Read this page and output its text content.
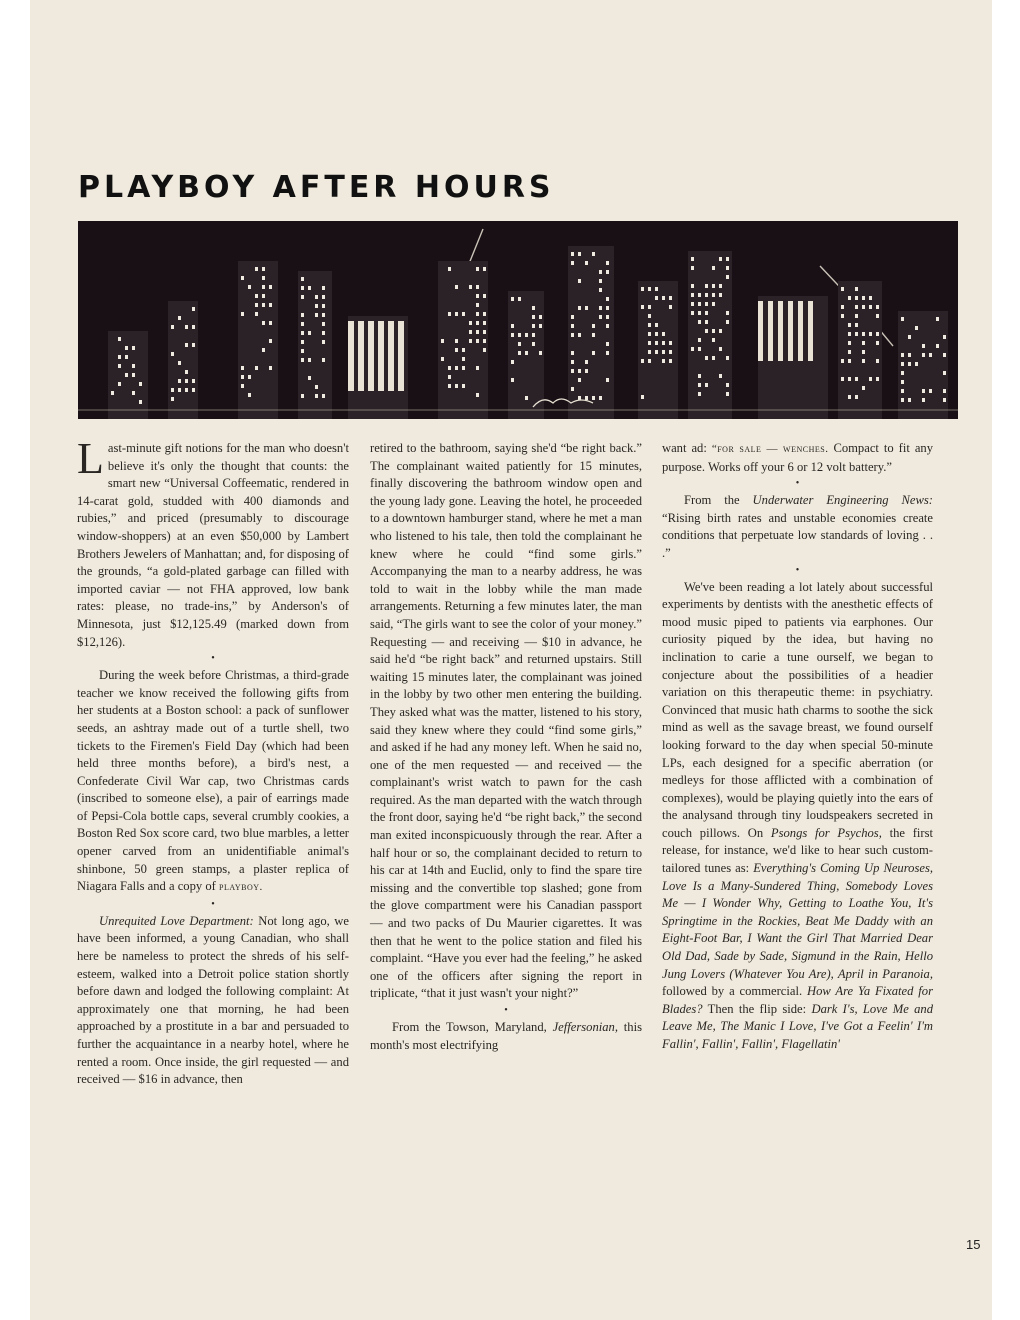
PLAYBOY AFTER HOURS

Last-minute gift notions for the man who doesn't believe it's only the thought that counts: the smart new “Universal Coffeematic, rendered in 14-carat gold, studded with 400 diamonds and rubies,” and priced (presumably to discourage window-shoppers) at an even $50,000 by Lambert Brothers Jewelers of Manhattan; and, for disposing of the grounds, “a gold-plated garbage can filled with imported caviar — not FHA approved, low bank rates: please, no trade-ins,” by Anderson's of Minnesota, just $12,125.49 (marked down from $12,126).

•

During the week before Christmas, a third-grade teacher we know received the following gifts from her students at a Boston school: a pack of sunflower seeds, an ashtray made out of a turtle shell, two tickets to the Firemen's Field Day (which had been held three months before), a bird's nest, a Confederate Civil War cap, two Christmas cards (inscribed to someone else), a pair of earrings made of Pepsi-Cola bottle caps, several crumbly cookies, a Boston Red Sox score card, two blue marbles, a letter opener carved from an unidentifiable animal's shinbone, 50 green stamps, a plaster replica of Niagara Falls and a copy of playboy.

•

Unrequited Love Department: Not long ago, we have been informed, a young Canadian, who shall here be nameless to protect the shreds of his self-esteem, walked into a Detroit police station shortly before dawn and lodged the following complaint: At approximately one that morning, he had been approached by a prostitute in a bar and persuaded to further the acquaintance in a nearby hotel, where he rented a room. Once inside, the girl requested — and received — $16 in advance, then

retired to the bathroom, saying she'd “be right back.” The complainant waited patiently for 15 minutes, finally discovering the bathroom window open and the young lady gone. Leaving the hotel, he proceeded to a downtown hamburger stand, where he met a man who listened to his tale, then told the complainant he knew where he could “find some girls.” Accompanying the man to a nearby address, he was told to wait in the lobby while the man made arrangements. Returning a few minutes later, the man said, “The girls want to see the color of your money.” Requesting — and receiving — $10 in advance, he said he'd “be right back” and returned upstairs. Still waiting 15 minutes later, the complainant was joined in the lobby by two other men entering the building. They asked what was the matter, listened to his story, said they knew where they could “find some girls,” and asked if he had any money left. When he said no, one of the men requested — and received — the complainant's wrist watch to pawn for the cash required. As the man departed with the watch through the front door, saying he'd “be right back,” the second man exited inconspicuously through the rear. After a half hour or so, the complainant decided to return to his car at 14th and Euclid, only to find the spare tire missing and the convertible top slashed; gone from the glove compartment were his Canadian passport — and two packs of Du Maurier cigarettes. It was then that he went to the police station and filed his complaint. “Have you ever had the feeling,” he asked one of the officers after signing the report in triplicate, “that it just wasn't your night?”

•

From the Towson, Maryland, Jeffersonian, this month's most electrifying

want ad: “for sale — wenches. Compact to fit any purpose. Works off your 6 or 12 volt battery.”

•

From the Underwater Engineering News: “Rising birth rates and unstable economies create conditions that perpetuate low standards of loving . . .”

•

We've been reading a lot lately about successful experiments by dentists with the anesthetic effects of mood music piped to patients via earphones. Our curiosity piqued by the idea, but having no inclination to carie a tune ourself, we began to conjecture about the possibilities of a headier variation on this therapeutic theme: in psychiatry. Convinced that music hath charms to soothe the sick mind as well as the savage breast, we found ourself looking forward to the day when special 50-minute LPs, each designed for a specific aberration (or medleys for those afflicted with a combination of complexes), would be playing quietly into the ears of the analysand through tiny loudspeakers secreted in couch pillows. On Psongs for Psychos, the first release, for instance, we'd like to hear such custom-tailored tunes as: Everything's Coming Up Neuroses, Love Is a Many-Sundered Thing, Somebody Loves Me — I Wonder Why, Getting to Loathe You, It's Springtime in the Rockies, Beat Me Daddy with an Eight-Foot Bar, I Want the Girl That Married Dear Old Dad, Sade by Sade, Sigmund in the Rain, Hello Jung Lovers (Whatever You Are), April in Paranoia, followed by a commercial. How Are Ya Fixated for Blades? Then the flip side: Dark I's, Love Me and Leave Me, The Manic I Love, I've Got a Feelin' I'm Fallin', Fallin', Fallin', Flagellatin'

15
